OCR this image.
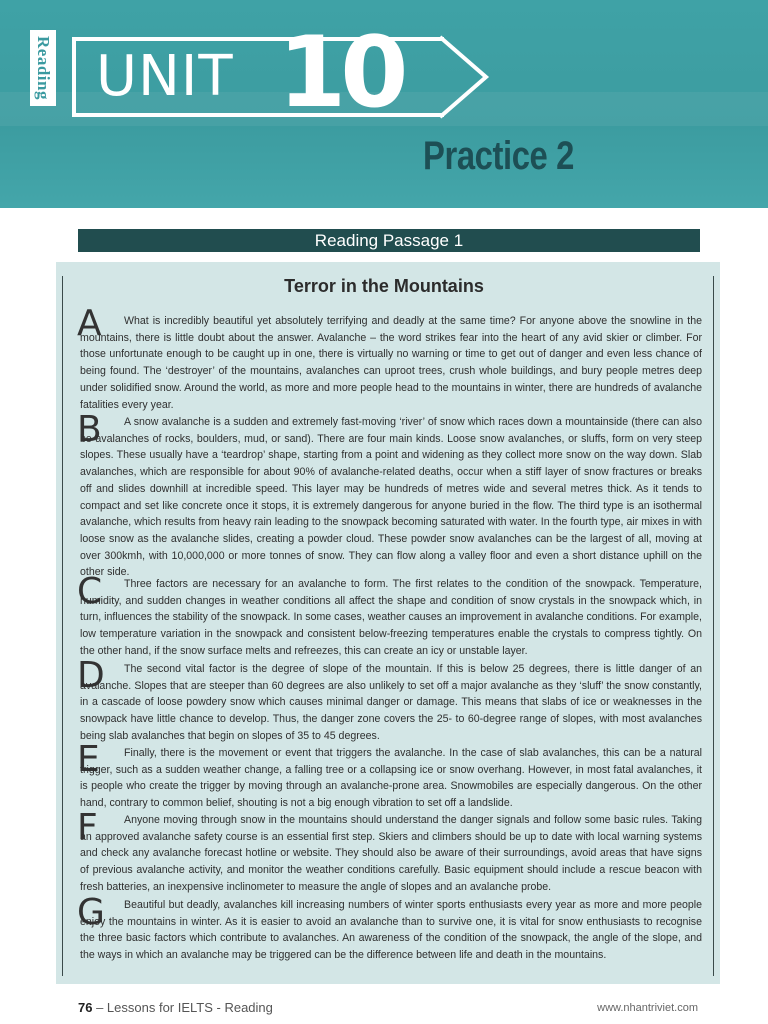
Reading UNIT 10
Practice 2
Reading Passage 1
Terror in the Mountains
A	What is incredibly beautiful yet absolutely terrifying and deadly at the same time? For anyone above the snowline in the mountains, there is little doubt about the answer. Avalanche – the word strikes fear into the heart of any avid skier or climber. For those unfortunate enough to be caught up in one, there is virtually no warning or time to get out of danger and even less chance of being found. The ‘destroyer’ of the mountains, avalanches can uproot trees, crush whole buildings, and bury people metres deep under solidified snow. Around the world, as more and more people head to the mountains in winter, there are hundreds of avalanche fatalities every year.

B	A snow avalanche is a sudden and extremely fast-moving ‘river’ of snow which races down a mountainside (there can also be avalanches of rocks, boulders, mud, or sand). There are four main kinds. Loose snow avalanches, or sluffs, form on very steep slopes. These usually have a ‘teardrop’ shape, starting from a point and widening as they collect more snow on the way down. Slab avalanches, which are responsible for about 90% of avalanche-related deaths, occur when a stiff layer of snow fractures or breaks off and slides downhill at incredible speed. This layer may be hundreds of metres wide and several metres thick. As it tends to compact and set like concrete once it stops, it is extremely dangerous for anyone buried in the flow. The third type is an isothermal avalanche, which results from heavy rain leading to the snowpack becoming saturated with water. In the fourth type, air mixes in with loose snow as the avalanche slides, creating a powder cloud. These powder snow avalanches can be the largest of all, moving at over 300kmh, with 10,000,000 or more tonnes of snow. They can flow along a valley floor and even a short distance uphill on the other side.

C	Three factors are necessary for an avalanche to form. The first relates to the condition of the snowpack. Temperature, humidity, and sudden changes in weather conditions all affect the shape and condition of snow crystals in the snowpack which, in turn, influences the stability of the snowpack. In some cases, weather causes an improvement in avalanche conditions. For example, low temperature variation in the snowpack and consistent below-freezing temperatures enable the crystals to compress tightly. On the other hand, if the snow surface melts and refreezes, this can create an icy or unstable layer.

D	The second vital factor is the degree of slope of the mountain. If this is below 25 degrees, there is little danger of an avalanche. Slopes that are steeper than 60 degrees are also unlikely to set off a major avalanche as they ‘sluff’ the snow constantly, in a cascade of loose powdery snow which causes minimal danger or damage. This means that slabs of ice or weaknesses in the snowpack have little chance to develop. Thus, the danger zone covers the 25- to 60-degree range of slopes, with most avalanches being slab avalanches that begin on slopes of 35 to 45 degrees.

E	Finally, there is the movement or event that triggers the avalanche. In the case of slab avalanches, this can be a natural trigger, such as a sudden weather change, a falling tree or a collapsing ice or snow overhang. However, in most fatal avalanches, it is people who create the trigger by moving through an avalanche-prone area. Snowmobiles are especially dangerous. On the other hand, contrary to common belief, shouting is not a big enough vibration to set off a landslide.

F	Anyone moving through snow in the mountains should understand the danger signals and follow some basic rules. Taking an approved avalanche safety course is an essential first step. Skiers and climbers should be up to date with local warning systems and check any avalanche forecast hotline or website. They should also be aware of their surroundings, avoid areas that have signs of previous avalanche activity, and monitor the weather conditions carefully. Basic equipment should include a rescue beacon with fresh batteries, an inexpensive inclinometer to measure the angle of slopes and an avalanche probe.

G	Beautiful but deadly, avalanches kill increasing numbers of winter sports enthusiasts every year as more and more people enjoy the mountains in winter. As it is easier to avoid an avalanche than to survive one, it is vital for snow enthusiasts to recognise the three basic factors which contribute to avalanches. An awareness of the condition of the snowpack, the angle of the slope, and the ways in which an avalanche may be triggered can be the difference between life and death in the mountains.

76 – Lessons for IELTS - Reading	www.nhantriviet.com
